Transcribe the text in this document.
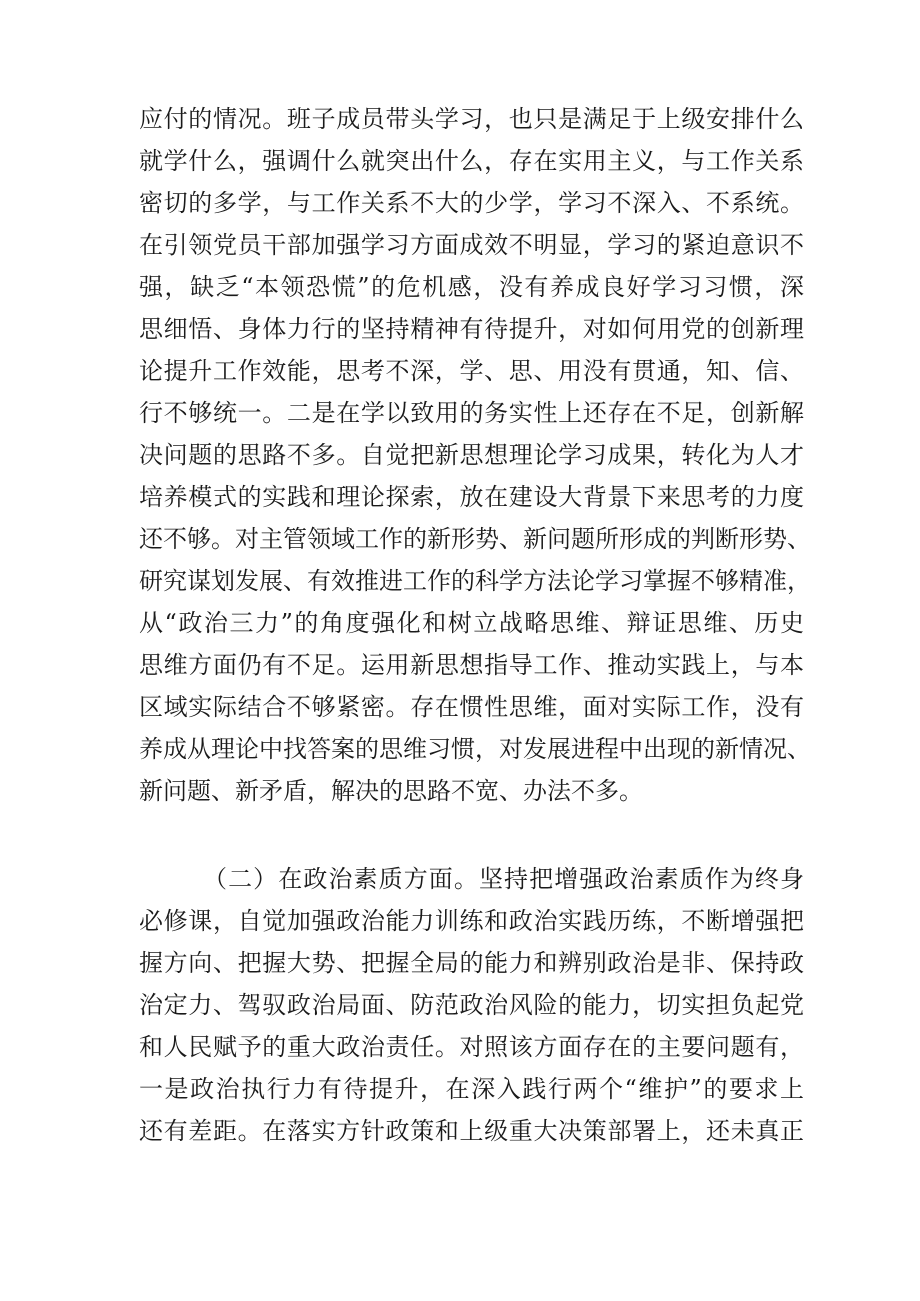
应付的情况。班子成员带头学习，也只是满足于上级安排什么
就学什么，强调什么就突出什么，存在实用主义，与工作关系
密切的多学，与工作关系不大的少学，学习不深入、不系统。
在引领党员干部加强学习方面成效不明显，学习的紧迫意识不
强，缺乏“本领恐慌”的危机感，没有养成良好学习习惯，深
思细悟、身体力行的坚持精神有待提升，对如何用党的创新理
论提升工作效能，思考不深，学、思、用没有贯通，知、信、
行不够统一。二是在学以致用的务实性上还存在不足，创新解
决问题的思路不多。自觉把新思想理论学习成果，转化为人才
培养模式的实践和理论探索，放在建设大背景下来思考的力度
还不够。对主管领域工作的新形势、新问题所形成的判断形势、
研究谋划发展、有效推进工作的科学方法论学习掌握不够精准，
从“政治三力”的角度强化和树立战略思维、辩证思维、历史
思维方面仍有不足。运用新思想指导工作、推动实践上，与本
区域实际结合不够紧密。存在惯性思维，面对实际工作，没有
养成从理论中找答案的思维习惯，对发展进程中出现的新情况、
新问题、新矛盾，解决的思路不宽、办法不多。
（二）在政治素质方面。坚持把增强政治素质作为终身
必修课，自觉加强政治能力训练和政治实践历练，不断增强把
握方向、把握大势、把握全局的能力和辨别政治是非、保持政
治定力、驾驭政治局面、防范政治风险的能力，切实担负起党
和人民赋予的重大政治责任。对照该方面存在的主要问题有，
一是政治执行力有待提升，在深入践行两个“维护”的要求上
还有差距。在落实方针政策和上级重大决策部署上，还未真正
